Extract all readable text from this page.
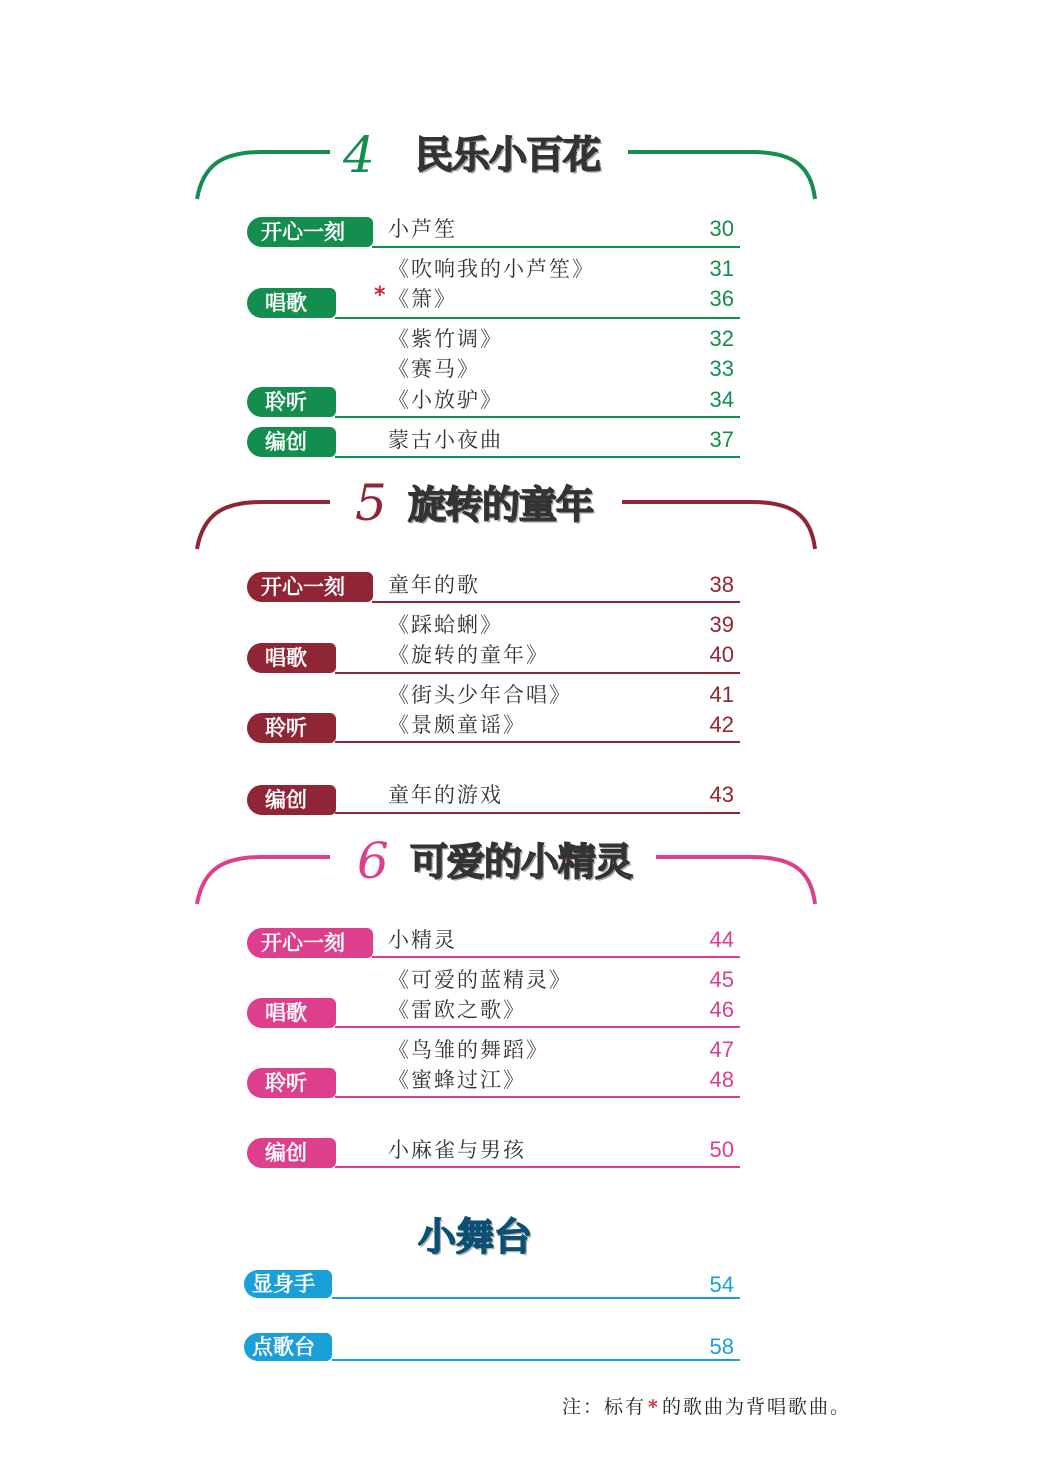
4 民乐小百花
开心一刻	小芦笙	30
《吹响我的小芦笙》	31
唱歌	* 《箫》	36
《紫竹调》	32
《赛马》	33
聆听	《小放驴》	34
编创	蒙古小夜曲	37
5 旋转的童年
开心一刻	童年的歌	38
《踩蛤蜊》	39
唱歌	《旋转的童年》	40
《街头少年合唱》	41
聆听	《景颇童谣》	42
编创	童年的游戏	43
6 可爱的小精灵
开心一刻	小精灵	44
《可爱的蓝精灵》	45
唱歌	《雷欧之歌》	46
《鸟雏的舞蹈》	47
聆听	《蜜蜂过江》	48
编创	小麻雀与男孩	50
小舞台
显身手	54
点歌台	58
注：标有 * 的歌曲为背唱歌曲。
